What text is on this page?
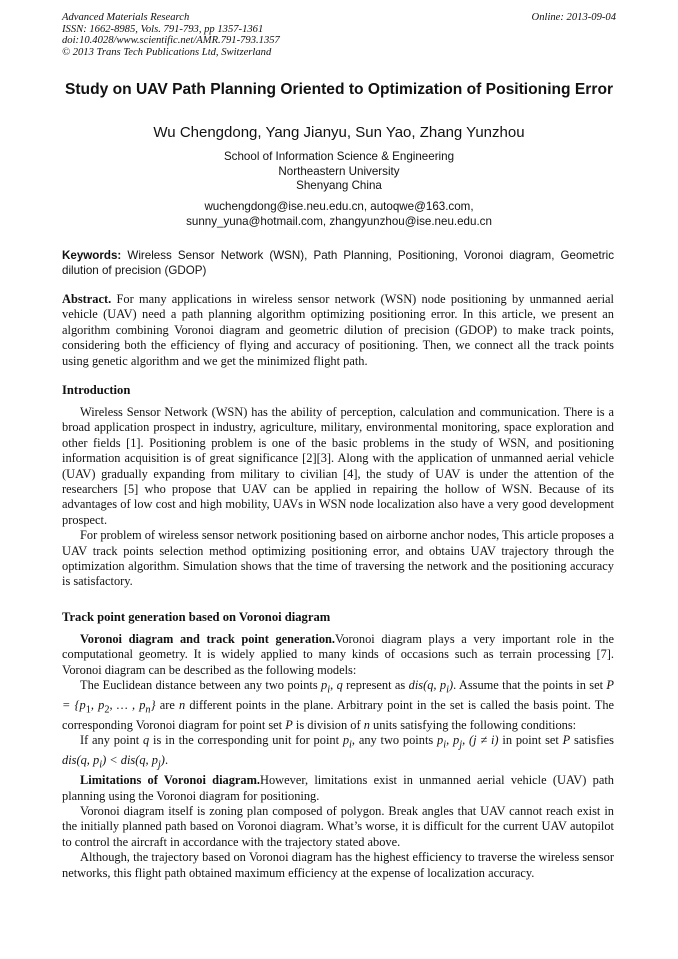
Advanced Materials Research
ISSN: 1662-8985, Vols. 791-793, pp 1357-1361
doi:10.4028/www.scientific.net/AMR.791-793.1357
© 2013 Trans Tech Publications Ltd, Switzerland
Online: 2013-09-04
Study on UAV Path Planning Oriented to Optimization of Positioning Error
Wu Chengdong, Yang Jianyu, Sun Yao, Zhang Yunzhou
School of Information Science & Engineering
Northeastern University
Shenyang China
wuchengdong@ise.neu.edu.cn, autoqwe@163.com,
sunny_yuna@hotmail.com, zhangyunzhou@ise.neu.edu.cn
Keywords: Wireless Sensor Network (WSN), Path Planning, Positioning, Voronoi diagram, Geometric dilution of precision (GDOP)

Abstract. For many applications in wireless sensor network (WSN) node positioning by unmanned aerial vehicle (UAV) need a path planning algorithm optimizing positioning error. In this article, we present an algorithm combining Voronoi diagram and geometric dilution of precision (GDOP) to make track points, considering both the efficiency of flying and accuracy of positioning. Then, we connect all the track points using genetic algorithm and we get the minimized flight path.

Introduction

Wireless Sensor Network (WSN) has the ability of perception, calculation and communication. There is a broad application prospect in industry, agriculture, military, environmental monitoring, space exploration and other fields [1]. Positioning problem is one of the basic problems in the study of WSN, and positioning information acquisition is of great significance [2][3]. Along with the application of unmanned aerial vehicle (UAV) gradually expanding from military to civilian [4], the study of UAV is under the attention of the researchers [5] who propose that UAV can be applied in repairing the hollow of WSN. Because of its advantages of low cost and high mobility, UAVs in WSN node localization also have a very good development prospect.

For problem of wireless sensor network positioning based on airborne anchor nodes, This article proposes a UAV track points selection method optimizing positioning error, and obtains UAV trajectory through the optimization algorithm. Simulation shows that the time of traversing the network and the positioning accuracy is satisfactory.

Track point generation based on Voronoi diagram

Voronoi diagram and track point generation.Voronoi diagram plays a very important role in the computational geometry. It is widely applied to many kinds of occasions such as terrain processing [7]. Voronoi diagram can be described as the following models:

The Euclidean distance between any two points $p_i$, q represent as dis(q, $p_i$). Assume that the points in set $P = \{p_1$, $p_2$, … , $p_n$} are n different points in the plane. Arbitrary point in the set is called the basis point. The corresponding Voronoi diagram for point set P is division of n units satisfying the following conditions:

If any point q is in the corresponding unit for point $p_i$, any two points $p_i$, $p_j$, (j ≠ i) in point set P satisfies dis(q, $p_i) < dis(q$, $p_j$).

Limitations of Voronoi diagram.However, limitations exist in unmanned aerial vehicle (UAV) path planning using the Voronoi diagram for positioning.

Voronoi diagram itself is zoning plan composed of polygon. Break angles that UAV cannot reach exist in the initially planned path based on Voronoi diagram. What’s worse, it is difficult for the current UAV autopilot to control the aircraft in accordance with the trajectory stated above.

Although, the trajectory based on Voronoi diagram has the highest efficiency to traverse the wireless sensor networks, this flight path obtained maximum efficiency at the expense of localization accuracy.
